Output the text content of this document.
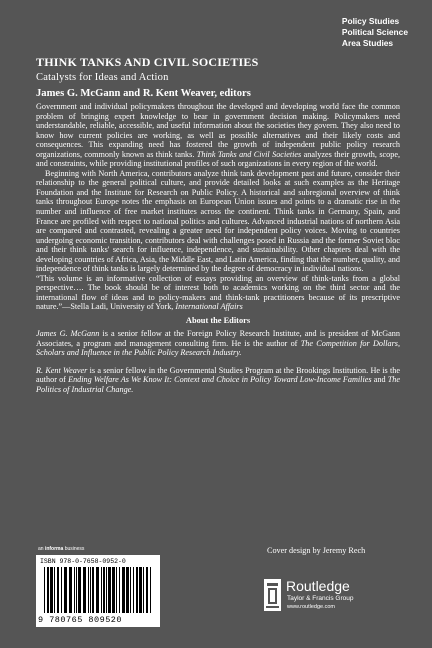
Policy Studies
Political Science
Area Studies
THINK TANKS AND CIVIL SOCIETIES
Catalysts for Ideas and Action
James G. McGann and R. Kent Weaver, editors

Government and individual policymakers throughout the developed and developing world face the common problem of bringing expert knowledge to bear in government decision making. Policymakers need understandable, reliable, accessible, and useful information about the societies they govern. They also need to know how current policies are working, as well as possible alternatives and their likely costs and consequences. This expanding need has fostered the growth of independent public policy research organizations, commonly known as think tanks. Think Tanks and Civil Societies analyzes their growth, scope, and constraints, while providing institutional profiles of such organizations in every region of the world.

Beginning with North America, contributors analyze think tank development past and future, consider their relationship to the general political culture, and provide detailed looks at such examples as the Heritage Foundation and the Institute for Research on Public Policy. A historical and subregional overview of think tanks throughout Europe notes the emphasis on European Union issues and points to a dramatic rise in the number and influence of free market institutes across the continent. Think tanks in Germany, Spain, and France are profiled with respect to national politics and cultures. Advanced industrial nations of northern Asia are compared and contrasted, revealing a greater need for independent policy voices. Moving to countries undergoing economic transition, contributors deal with challenges posed in Russia and the former Soviet bloc and their think tanks' search for influence, independence, and sustainability. Other chapters deal with the developing countries of Africa, Asia, the Middle East, and Latin America, finding that the number, quality, and independence of think tanks is largely determined by the degree of democracy in individual nations.

“This volume is an informative collection of essays providing an overview of think-tanks from a global perspective…. The book should be of interest both to academics working on the third sector and the international flow of ideas and to policy-makers and think-tank practitioners because of its prescriptive nature.”—Stella Ladi, University of York, International Affairs

About the Editors

James G. McGann is a senior fellow at the Foreign Policy Research Institute, and is president of McGann Associates, a program and management consulting firm. He is the author of The Competition for Dollars, Scholars and Influence in the Public Policy Research Industry.

R. Kent Weaver is a senior fellow in the Governmental Studies Program at the Brookings Institution. He is the author of Ending Welfare As We Know It: Context and Choice in Policy Toward Low-Income Families and The Politics of Industrial Change.

an informa business
ISBN 978-0-7658-0952-0
9 780765 809520
Cover design by Jeremy Rech
Routledge
Taylor & Francis Group
www.routledge.com
